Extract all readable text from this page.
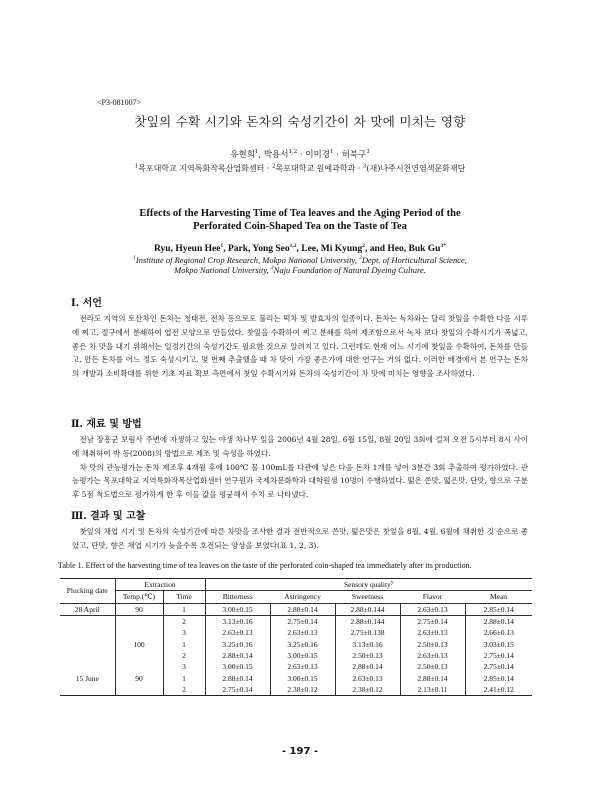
<P3-081007>
찻잎의 수확 시기와 돈차의 숙성기간이 차 맛에 미치는 영향
유현희$^1$, 박용서$^{1,2}$ · 이미경$^1$ · 허북구$^3$
$^1$목포대학교 지역특화작목산업화센터 · $^2$목포대학교 원예과학과 · $^3$(재)나주시천연염색문화재단
Effects of the Harvesting Time of Tea leaves and the Aging Period of the
Perforated Coin-Shaped Tea on the Taste of Tea
Ryu, Hyeun Hee$^1$, Park, Yong Seo$^{1,2}$, Lee, Mi Kyung$^2$, and Heo, Buk $Gu^{3*}$
$^1$Institute of Regional Crop Research, Mokpo National University, $^2$Dept. of Horticultural Science,
Mokpo National University, $^3$Naju Foundation of Natural Dyeing Culture.
Ⅰ. 서언

전라도 지역의 토산차인 돈차는 청태전, 전차 등으로도 불리는 떡차 및 발효차의 일종이다. 돈차는 녹차와는 달리 찻잎을 수확한 다음 시루에 찌고, 절구에서 분쇄하여 엽전 모양으로 만들었다. 찻잎을 수확하여 찌고 분쇄를 하여 제조함으로서 녹차 보다 찻잎의 수확시기가 폭넓고, 좋은 차 맛을 내기 위해서는 일정기간의 숙성기간도 필요한 것으로 알려지고 있다. 그런데도 현재 어느 시기에 찻잎을 수확하여, 돈차를 만들고, 만든 돈차를 어느 정도 숙성시키고, 몇 번째 추출했을 때 차 맛이 가장 좋은가에 대한 연구는 거의 없다. 이러한 배경에서 본 연구는 돈차의 개발과 소비확대를 위한 기초 자료 확보 측면에서 찻잎 수확시기와 돈차의 숙성기간이 차 맛에 미치는 영향을 조사하였다.

Ⅱ. 재료 및 방법

전남 장흥군 보림사 주변에 자생하고 있는 야생 차나무 잎을 2006년 4월 28일, 6월 15일, 8월 20일 3회에 걸쳐 오전 5시부터 8시 사이에 채취하여 박 등(2008)의 방법으로 제조 및 숙성을 하였다.

차 맛의 관능평가는 돈차 제조후 4개월 후에 100℃ 물 100mL를 다관에 넣은 다음 돈차 1개를 넣어 3분간 3회 추출하여 평가하였다. 관능평가는 목포대학교 지역특화작목산업화센터 연구원과 국제차문화학과 대학원생 10명이 수행하였다. 떪은 쓴맛, 떫은맛, 단맛, 향으로 구분 후 5점 척도법으로 평가하게 한 후 이들 값을 평균해서 수치 로 나타냈다.

Ⅲ. 결과 및 고찰

찻잎의 채엽 시기 및 돈차의 숙성기간에 따른 차맛을 조사한 결과 전반적으로 쓴맛, 떪은맛은 찻잎을 8월, 4월, 6월에 채취한 것 순으로 좋았고, 단맛, 향은 채엽 시기가 늦을수록 호전되는 양상을 보였다(표 1, 2, 3).

Table 1. Effect of the harvesting time of tea leaves on the taste of the perforated coin-shaped tea immediately after its production.
Plucking date	Extraction		Sensory quality$^y$
	Temp.(℃)	Time	Bitterness	Astringency	Sweetness	Flavor	Mean
28 April	90	1	3.00±0.15	2.88±0.14	2.88±0.144	2.63±0.13	2.85±0.14
		2	3.13±0.16	2.75±0.14	2.88±0.144	2.75±0.14	2.88±0.14
		3	2.63±0.13	2.63±0.13	2.75±0.138	2.63±0.13	2.66±0.13
	100	1	3.25±0.16	3.25±0.16	3.13±0.16	2.50±0.13	3.03±0.15
		2	2.88±0.14	3.00±0.15	2.50±0.13	2.63±0.13	2.75±0.14
		3	3.00±0.15	2.63±0.13	2.88±0.14	2.50±0.13	2.75±0.14
15 June	90	1	2.88±0.14	3.00±0.15	2.63±0.13	2.88±0.14	2.85±0.14
		2	2.75±0.14	2.38±0.12	2.38±0.12	2.13±0.11	2.41±0.12
- 197 -
